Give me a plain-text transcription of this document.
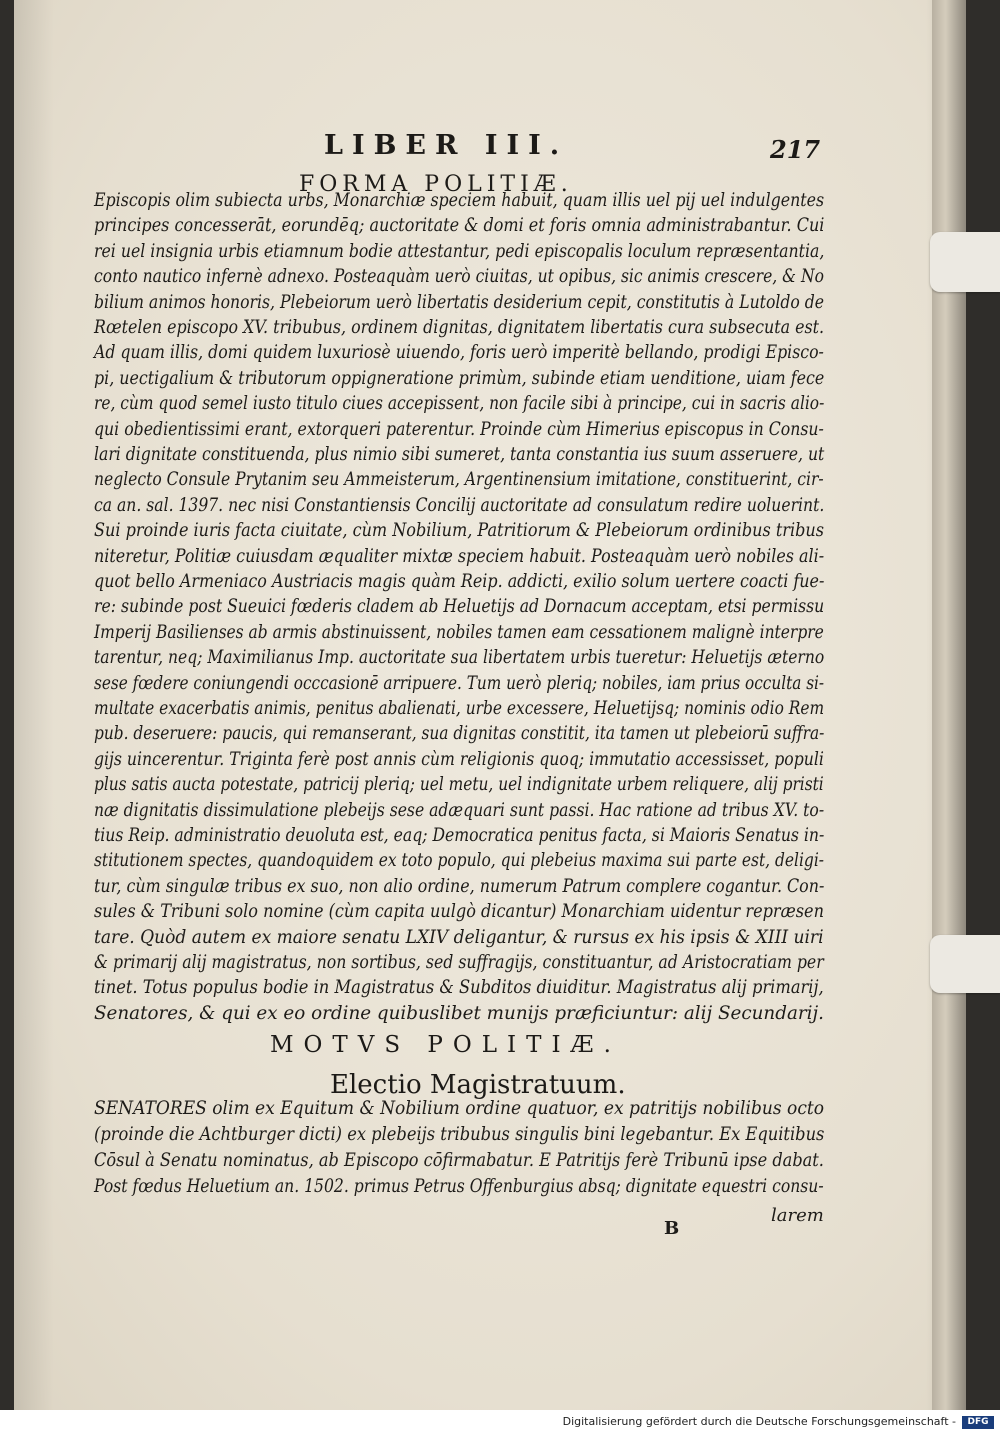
LIBER III.	217
FORMA POLITIÆ.
Episcopis olim subiecta urbs, Monarchiæ speciem habuit, quam illis uel pij uel indulgentes
principes concesserāt, eorundēq; auctoritate & domi et foris omnia administrabantur. Cui
rei uel insignia urbis etiamnum bodie attestantur, pedi episcopalis loculum repræsentantia,
conto nautico infernè adnexo. Posteaquàm uerò ciuitas, ut opibus, sic animis crescere, & No
bilium animos honoris, Plebeiorum uerò libertatis desiderium cepit, constitutis à Lutoldo de
Rœtelen episcopo XV. tribubus, ordinem dignitas, dignitatem libertatis cura subsecuta est.
Ad quam illis, domi quidem luxuriosè uiuendo, foris uerò imperitè bellando, prodigi Episco-
pi, uectigalium & tributorum oppigneratione primùm, subinde etiam uenditione, uiam fece
re, cùm quod semel iusto titulo ciues accepissent, non facile sibi à principe, cui in sacris alio-
qui obedientissimi erant, extorqueri paterentur. Proinde cùm Himerius episcopus in Consu-
lari dignitate constituenda, plus nimio sibi sumeret, tanta constantia ius suum asseruere, ut
neglecto Consule Prytanim seu Ammeisterum, Argentinensium imitatione, constituerint, cir-
ca an. sal. 1397. nec nisi Constantiensis Concilij auctoritate ad consulatum redire uoluerint.
Sui proinde iuris facta ciuitate, cùm Nobilium, Patritiorum & Plebeiorum ordinibus tribus
niteretur, Politiæ cuiusdam æqualiter mixtæ speciem habuit. Posteaquàm uerò nobiles ali-
quot bello Armeniaco Austriacis magis quàm Reip. addicti, exilio solum uertere coacti fue-
re: subinde post Sueuici fœderis cladem ab Heluetijs ad Dornacum acceptam, etsi permissu
Imperij Basilienses ab armis abstinuissent, nobiles tamen eam cessationem malignè interpre
tarentur, neq; Maximilianus Imp. auctoritate sua libertatem urbis tueretur: Heluetijs æterno
sese fœdere coniungendi occcasionē arripuere. Tum uerò pleriq; nobiles, iam prius occulta si-
multate exacerbatis animis, penitus abalienati, urbe excessere, Heluetijsq; nominis odio Rem
pub. deseruere: paucis, qui remanserant, sua dignitas constitit, ita tamen ut plebeiorū suffra-
gijs uincerentur. Triginta ferè post annis cùm religionis quoq; immutatio accessisset, populi
plus satis aucta potestate, patricij pleriq; uel metu, uel indignitate urbem reliquere, alij pristi
næ dignitatis dissimulatione plebeijs sese adæquari sunt passi. Hac ratione ad tribus XV. to-
tius Reip. administratio deuoluta est, eaq; Democratica penitus facta, si Maioris Senatus in-
stitutionem spectes, quandoquidem ex toto populo, qui plebeius maxima sui parte est, deligi-
tur, cùm singulæ tribus ex suo, non alio ordine, numerum Patrum complere cogantur. Con-
sules & Tribuni solo nomine (cùm capita uulgò dicantur) Monarchiam uidentur repræsen
tare. Quòd autem ex maiore senatu LXIV deligantur, & rursus ex his ipsis & XIII uiri
& primarij alij magistratus, non sortibus, sed suffragijs, constituantur, ad Aristocratiam per
tinet. Totus populus bodie in Magistratus & Subditos diuiditur. Magistratus alij primarij,
Senatores, & qui ex eo ordine quibuslibet munijs præficiuntur: alij Secundarij.
MOTVS POLITIÆ.
Electio Magistratuum.
SENATORES olim ex Equitum & Nobilium ordine quatuor, ex patritijs nobilibus octo
(proinde die Achtburger dicti) ex plebeijs tribubus singulis bini legebantur. Ex Equitibus
Cōsul à Senatu nominatus, ab Episcopo cōfirmabatur. E Patritijs ferè Tribunū ipse dabat.
Post fœdus Heluetium an. 1502. primus Petrus Offenburgius absq; dignitate equestri consu-
B
larem
Digitalisierung gefördert durch die Deutsche Forschungsgemeinschaft -	DFG
